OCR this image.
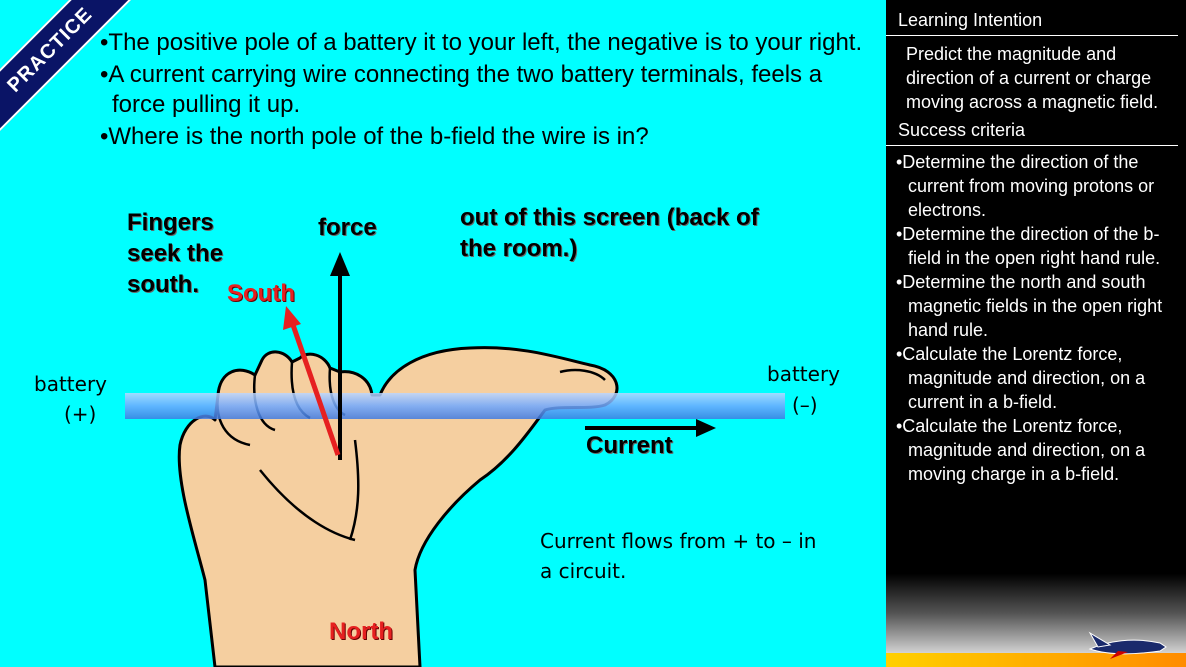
PRACTICE •The positive pole of a battery it to your left, the negative is to your right.
•A current carrying wire connecting the two battery terminals, feels a force pulling it up.
•Where is the north pole of the b-field the wire is in?
Fingers
seek the
south.
force	out of this screen (back of
the room.)
South
North
Current
battery
(+)
battery
(–)
Current flows from + to – in
a circuit.
Learning Intention
Predict the magnitude and direction of a current or charge moving across a magnetic field.
Success criteria
•Determine the direction of the current from moving protons or electrons.
•Determine the direction of the b-field in the open right hand rule.
•Determine the north and south magnetic fields in the open right hand rule.
•Calculate the Lorentz force, magnitude and direction, on a current in a b-field.
•Calculate the Lorentz force, magnitude and direction, on a moving charge in a b-field.
